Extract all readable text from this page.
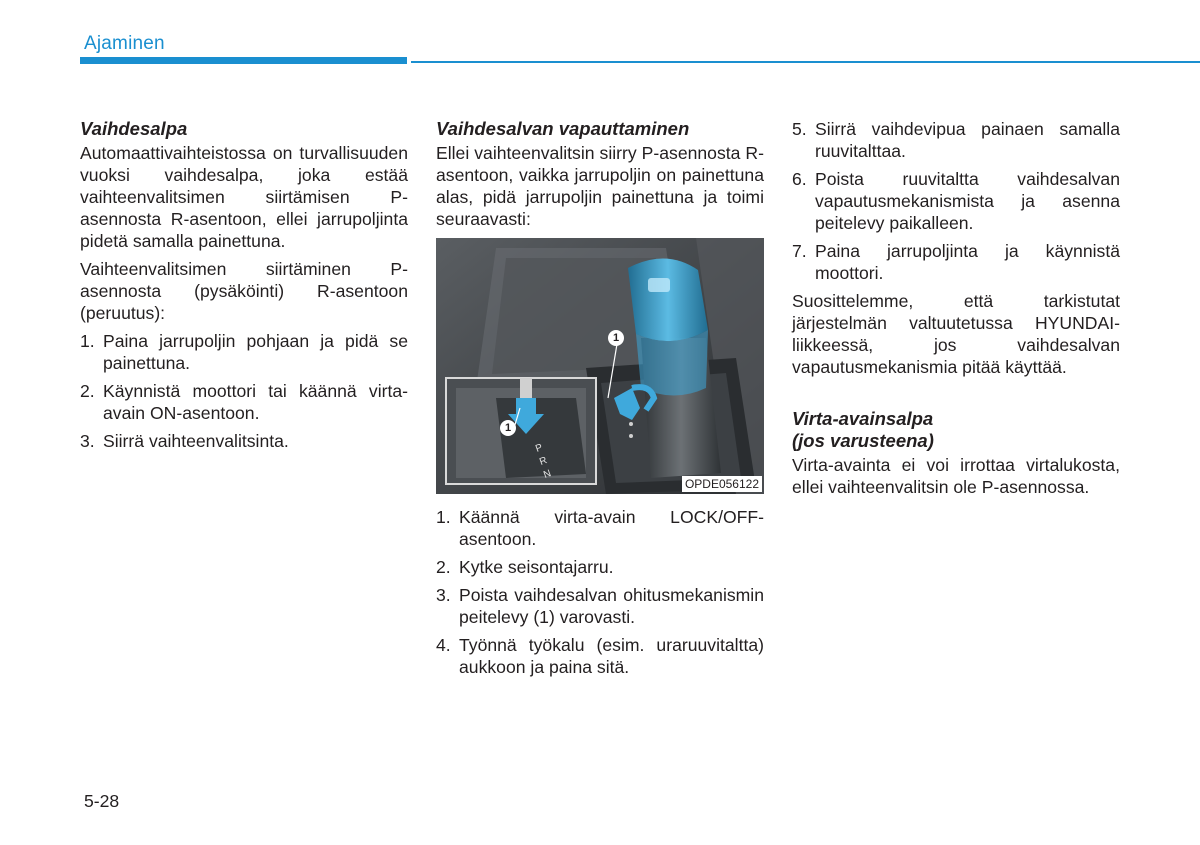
Ajaminen
Vaihdesalpa

Automaattivaihteistossa on turvallisuuden vuoksi vaihdesalpa, joka estää vaihteenvalitsimen siirtämisen P-asennosta R-asentoon, ellei jarrupoljinta pidetä samalla painettuna.

Vaihteenvalitsimen siirtäminen P-asennosta (pysäköinti) R-asentoon (peruutus):

1. Paina jarrupoljin pohjaan ja pidä se painettuna.
2. Käynnistä moottori tai käännä virta-avain ON-asentoon.
3. Siirrä vaihteenvalitsinta.
Vaihdesalvan vapauttaminen

Ellei vaihteenvalitsin siirry P-asennosta R-asentoon, vaikka jarrupoljin on painettuna alas, pidä jarrupoljin painettuna ja toimi seuraavasti:

1
1
P
R
N
OPDE056122
1. Käännä virta-avain LOCK/OFF-asentoon.
2. Kytke seisontajarru.
3. Poista vaihdesalvan ohitusmekanismin peitelevy (1) varovasti.
4. Työnnä työkalu (esim. uraruuvitaltta) aukkoon ja paina sitä.
5. Siirrä vaihdevipua painaen samalla ruuvitalttaa.
6. Poista ruuvitaltta vaihdesalvan vapautusmekanismista ja asenna peitelevy paikalleen.
7. Paina jarrupoljinta ja käynnistä moottori.

Suosittelemme, että tarkistutat järjestelmän valtuutetussa HYUNDAI-liikkeessä, jos vaihdesalvan vapautusmekanismia pitää käyttää.

Virta-avainsalpa
(jos varusteena)

Virta-avainta ei voi irrottaa virtalukosta, ellei vaihteenvalitsin ole P-asennossa.

5-28
